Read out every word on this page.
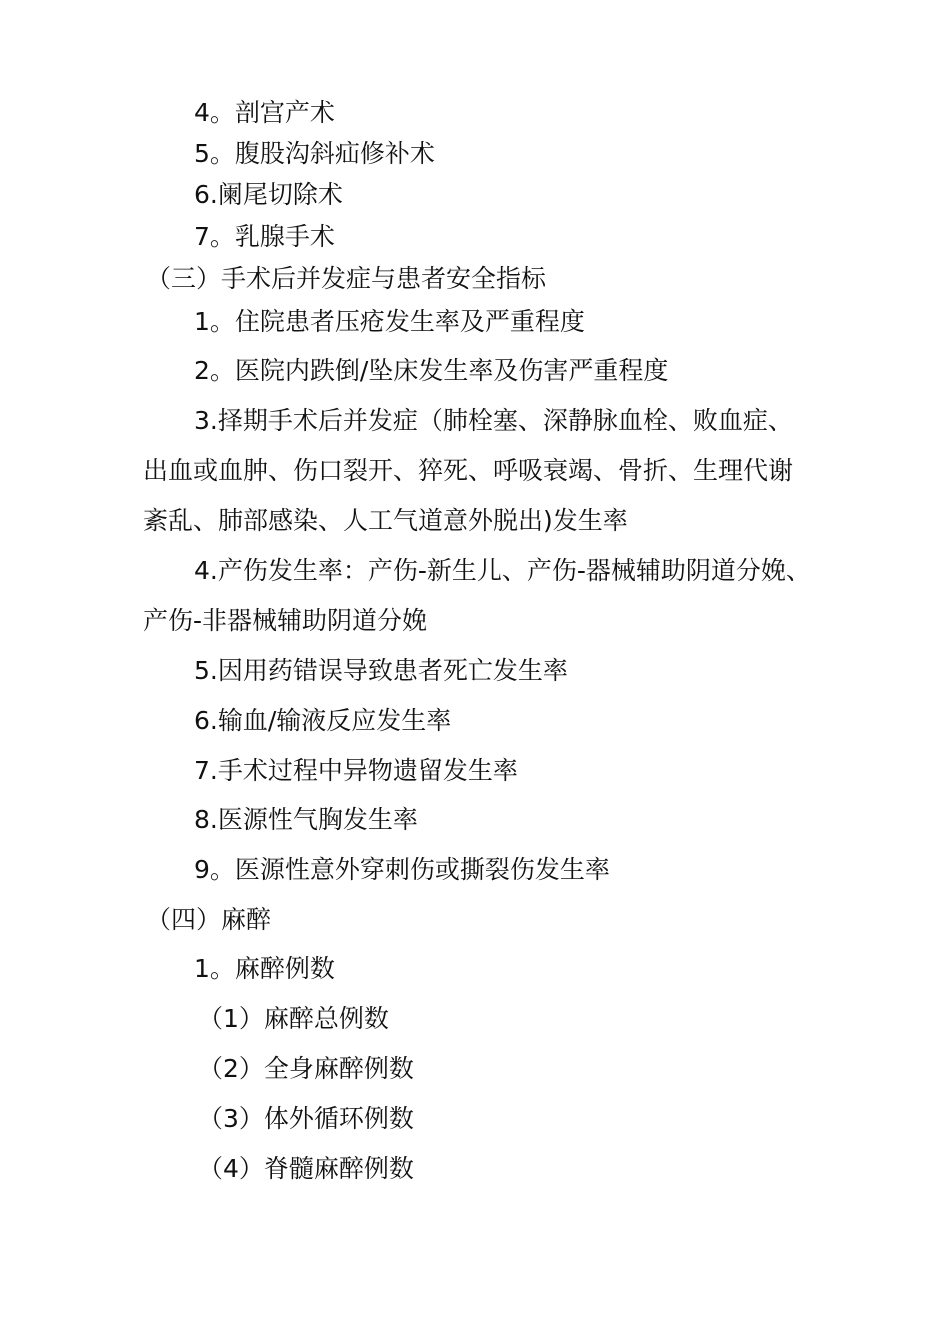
4。剖宫产术

5。腹股沟斜疝修补术

6.阑尾切除术

7。乳腺手术

（三）手术后并发症与患者安全指标

1。住院患者压疮发生率及严重程度

2。医院内跌倒/坠床发生率及伤害严重程度

3.择期手术后并发症（肺栓塞、深静脉血栓、败血症、

出血或血肿、伤口裂开、猝死、呼吸衰竭、骨折、生理代谢

紊乱、肺部感染、人工气道意外脱出)发生率

4.产伤发生率：产伤-新生儿、产伤-器械辅助阴道分娩、

产伤-非器械辅助阴道分娩

5.因用药错误导致患者死亡发生率

6.输血/输液反应发生率

7.手术过程中异物遗留发生率

8.医源性气胸发生率

9。医源性意外穿刺伤或撕裂伤发生率

（四）麻醉

1。麻醉例数

（1）麻醉总例数

（2）全身麻醉例数

（3）体外循环例数

（4）脊髓麻醉例数
